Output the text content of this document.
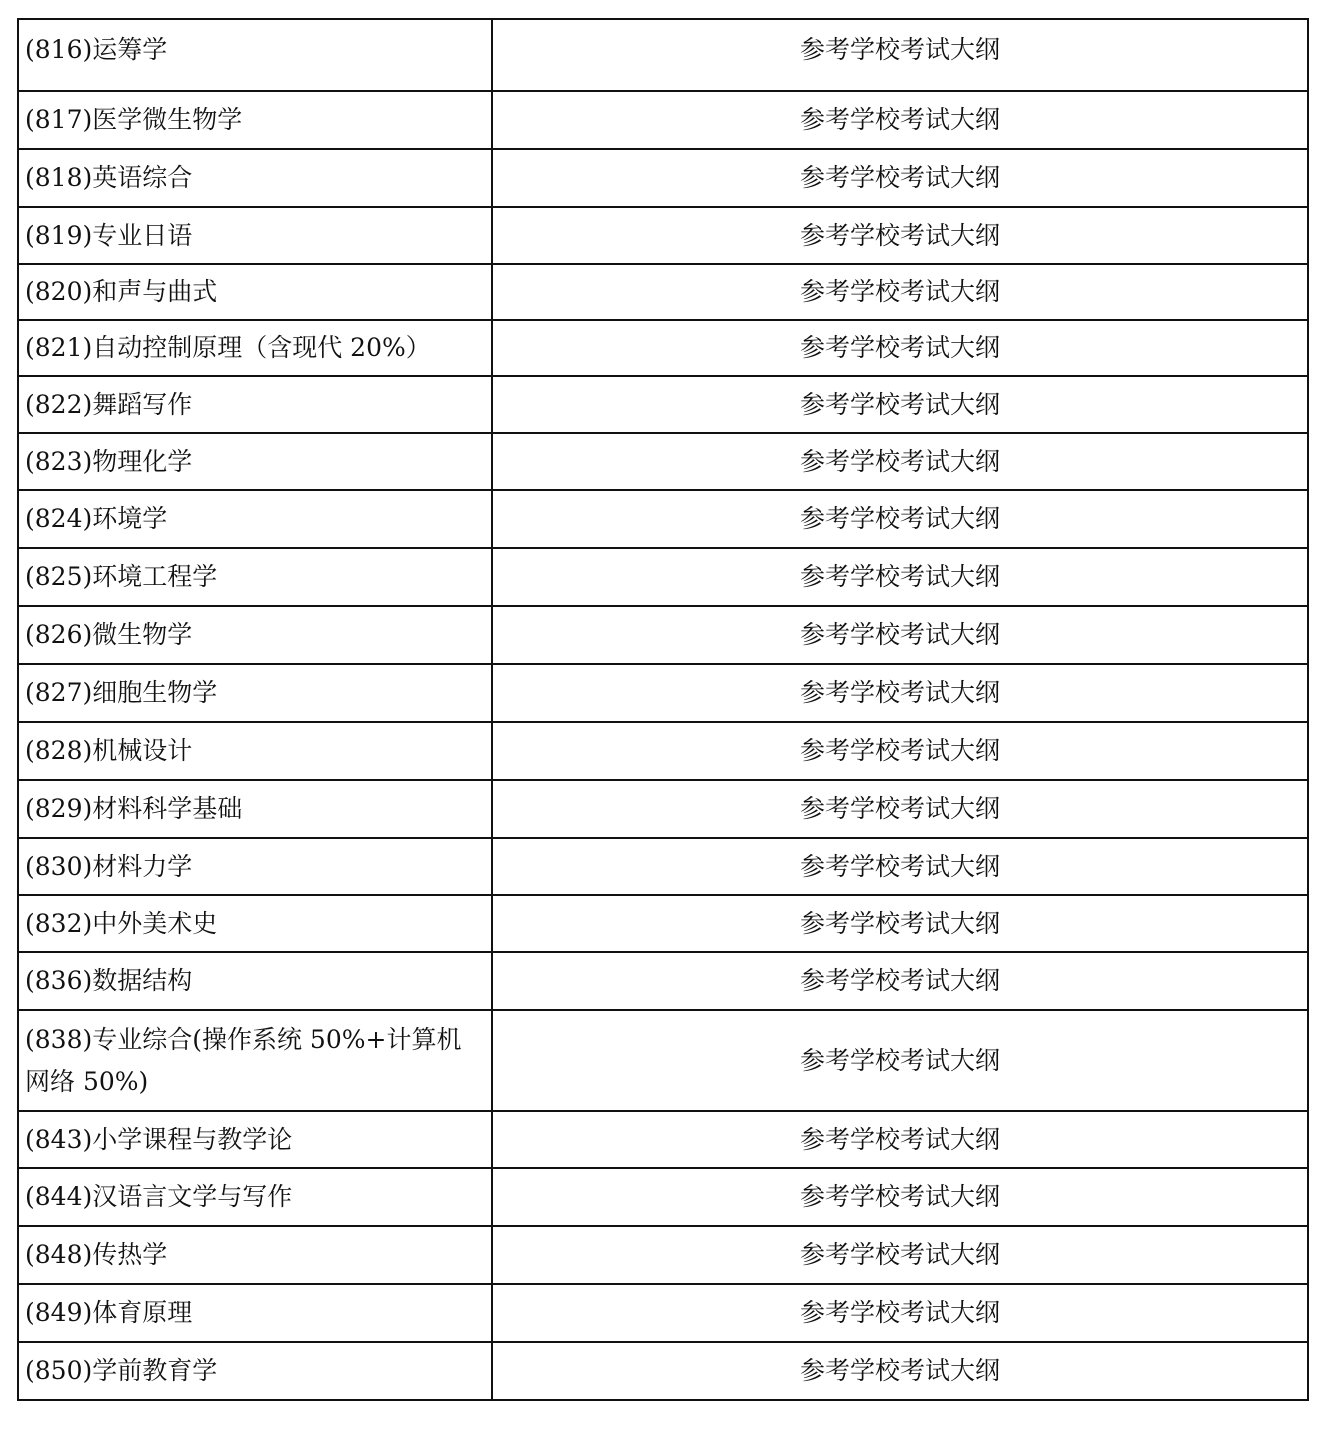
(816)运筹学	参考学校考试大纲
(817)医学微生物学	参考学校考试大纲
(818)英语综合	参考学校考试大纲
(819)专业日语	参考学校考试大纲
(820)和声与曲式	参考学校考试大纲
(821)自动控制原理（含现代 20%）	参考学校考试大纲
(822)舞蹈写作	参考学校考试大纲
(823)物理化学	参考学校考试大纲
(824)环境学	参考学校考试大纲
(825)环境工程学	参考学校考试大纲
(826)微生物学	参考学校考试大纲
(827)细胞生物学	参考学校考试大纲
(828)机械设计	参考学校考试大纲
(829)材料科学基础	参考学校考试大纲
(830)材料力学	参考学校考试大纲
(832)中外美术史	参考学校考试大纲
(836)数据结构	参考学校考试大纲
(838)专业综合(操作系统 50%+计算机网络 50%)	参考学校考试大纲
(843)小学课程与教学论	参考学校考试大纲
(844)汉语言文学与写作	参考学校考试大纲
(848)传热学	参考学校考试大纲
(849)体育原理	参考学校考试大纲
(850)学前教育学	参考学校考试大纲
